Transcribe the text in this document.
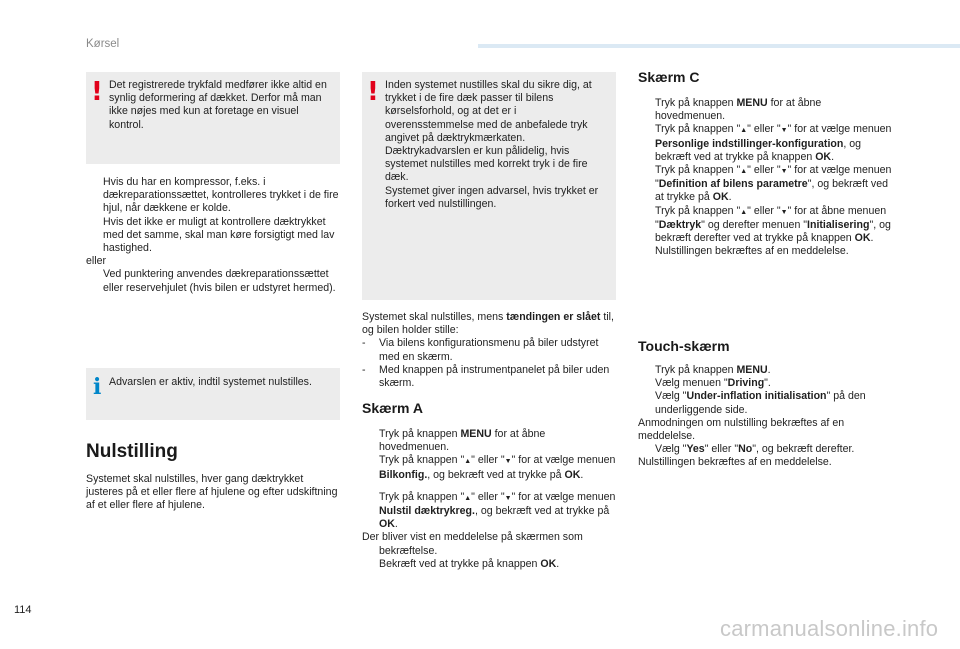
Kørsel
! Det registrerede trykfald medfører ikke altid en synlig deformering af dækket. Derfor må man ikke nøjes med kun at foretage en visuel kontrol.

Hvis du har en kompressor, f.eks. i dækreparationssættet, kontrolleres trykket i de fire hjul, når dækkene er kolde.

Hvis det ikke er muligt at kontrollere dæktrykket med det samme, skal man køre forsigtigt med lav hastighed.

eller

Ved punktering anvendes dækreparationssættet eller reservehjulet (hvis bilen er udstyret hermed).

i Advarslen er aktiv, indtil systemet nulstilles.

Nulstilling

Systemet skal nulstilles, hver gang dæktrykket justeres på et eller flere af hjulene og efter udskiftning af et eller flere af hjulene.

! Inden systemet nustilles skal du sikre dig, at trykket i de fire dæk passer til bilens kørselsforhold, og at det er i overensstemmelse med de anbefalede tryk angivet på dæktrykmærkaten.

Dæktrykadvarslen er kun pålidelig, hvis systemet nulstilles med korrekt tryk i de fire dæk.

Systemet giver ingen advarsel, hvis trykket er forkert ved nulstillingen.

Systemet skal nulstilles, mens tændingen er slået til, og bilen holder stille:

- Via bilens konfigurationsmenu på biler udstyret med en skærm.

- Med knappen på instrumentpanelet på biler uden skærm.

Skærm A

Tryk på knappen MENU for at åbne hovedmenuen.

Tryk på knappen "▲" eller "▼" for at vælge menuen Bilkonfig., og bekræft ved at trykke på OK.

Tryk på knappen "▲" eller "▼" for at vælge menuen Nulstil dæktrykreg., og bekræft ved at trykke på OK.

Der bliver vist en meddelelse på skærmen som bekræftelse.

Bekræft ved at trykke på knappen OK.

Skærm C

Tryk på knappen MENU for at åbne hovedmenuen.

Tryk på knappen "▲" eller "▼" for at vælge menuen Personlige indstillinger-konfiguration, og bekræft ved at trykke på knappen OK.

Tryk på knappen "▲" eller "▼" for at vælge menuen "Definition af bilens parametre", og bekræft ved at trykke på OK.

Tryk på knappen "▲" eller "▼" for at åbne menuen "Dæktryk" og derefter menuen "Initialisering", og bekræft derefter ved at trykke på knappen OK. Nulstillingen bekræftes af en meddelelse.

Touch-skærm

Tryk på knappen MENU.

Vælg menuen "Driving".

Vælg "Under-inflation initialisation" på den underliggende side.

Anmodningen om nulstilling bekræftes af en meddelelse.

Vælg "Yes" eller "No", og bekræft derefter.

Nulstillingen bekræftes af en meddelelse.

114
carmanualsonline.info
